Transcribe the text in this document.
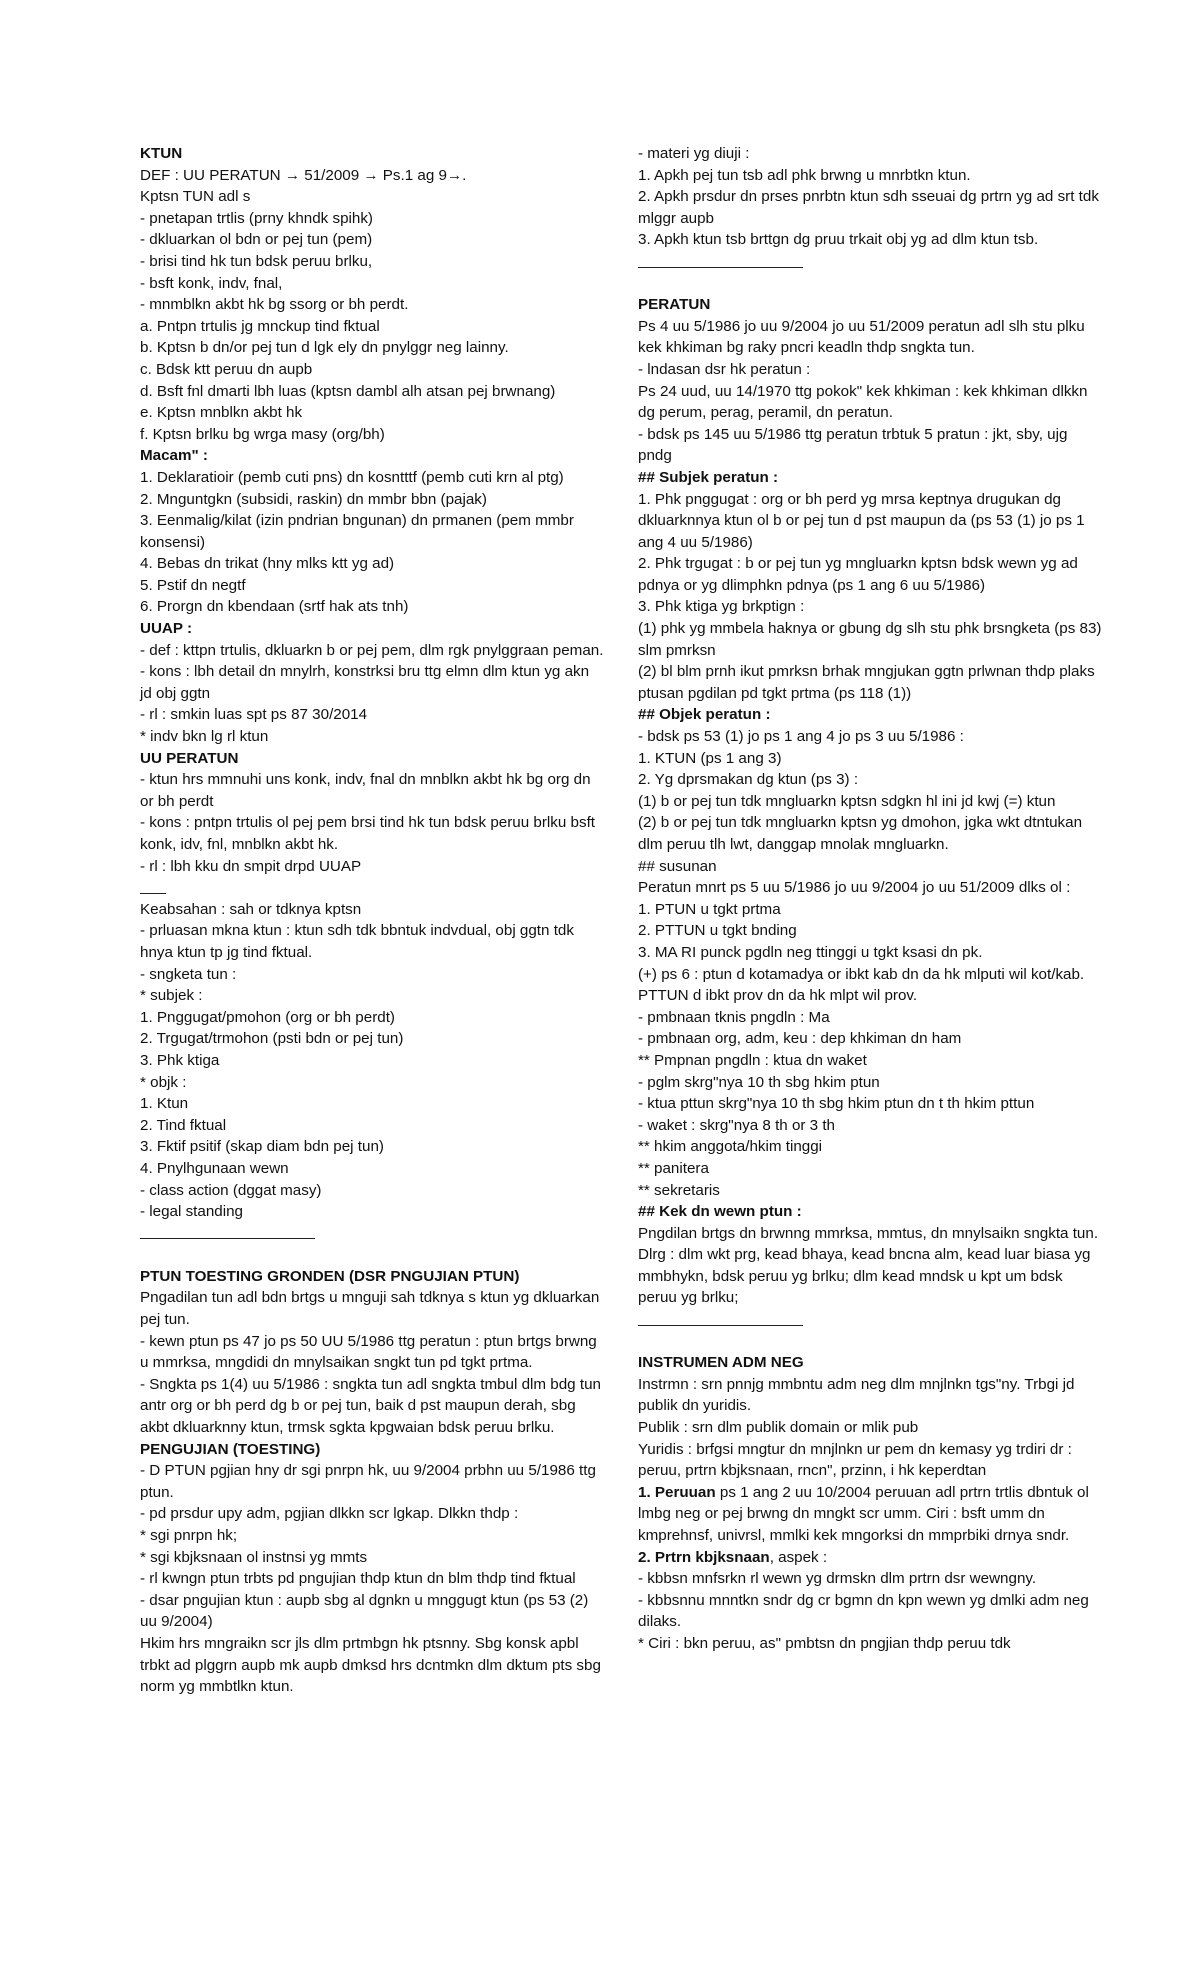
KTUN

DEF : UU PERATUN → 51/2009 → Ps.1 ag 9→.

Kptsn TUN adl s

- pnetapan trtlis (prny khndk spihk)

- dkluarkan ol bdn or pej tun (pem)

- brisi tind hk tun bdsk peruu brlku,

- bsft konk, indv, fnal,

- mnmblkn akbt hk bg ssorg or bh perdt.

a. Pntpn trtulis jg mnckup tind fktual

b. Kptsn b dn/or pej tun d lgk ely dn pnylggr neg lainny.

c. Bdsk ktt peruu dn aupb

d. Bsft fnl dmarti lbh luas (kptsn dambl alh atsan pej brwnang)

e. Kptsn mnblkn akbt hk

f. Kptsn brlku bg wrga masy (org/bh)

Macam" :

1. Deklaratioir (pemb cuti pns) dn kosntttf (pemb cuti krn al ptg)

2. Mnguntgkn (subsidi, raskin) dn mmbr bbn (pajak)

3. Eenmalig/kilat (izin pndrian bngunan) dn prmanen (pem mmbr konsensi)

4. Bebas dn trikat (hny mlks ktt yg ad)

5. Pstif dn negtf

6. Prorgn dn kbendaan (srtf hak ats tnh)

UUAP :

- def : kttpn trtulis, dkluarkn b or pej pem, dlm rgk pnylggraan peman.

- kons : lbh detail dn mnylrh, konstrksi bru ttg elmn dlm ktun yg akn jd obj ggtn

- rl : smkin luas spt ps 87 30/2014

* indv bkn lg rl ktun

UU PERATUN

- ktun hrs mmnuhi uns konk, indv, fnal dn mnblkn akbt hk bg org dn or bh perdt

- kons : pntpn trtulis ol pej pem brsi tind hk tun bdsk peruu brlku bsft konk, idv, fnl, mnblkn akbt hk.

- rl : lbh kku dn smpit drpd UUAP

Keabsahan : sah or tdknya kptsn

- prluasan mkna ktun : ktun sdh tdk bbntuk indvdual, obj ggtn tdk hnya ktun tp jg tind fktual.

- sngketa tun :

* subjek :

1. Pnggugat/pmohon (org or bh perdt)

2. Trgugat/trmohon (psti bdn or pej tun)

3. Phk ktiga

* objk :

1. Ktun

2. Tind fktual

3. Fktif psitif (skap diam bdn pej tun)

4. Pnylhgunaan wewn

- class action (dggat masy)

- legal standing

PTUN TOESTING GRONDEN (DSR PNGUJIAN PTUN)

Pngadilan tun adl bdn brtgs u mnguji sah tdknya s ktun yg dkluarkan pej tun.

- kewn ptun ps 47 jo ps 50 UU 5/1986 ttg peratun : ptun brtgs brwng u mmrksa, mngdidi dn mnylsaikan sngkt tun pd tgkt prtma.

- Sngkta ps 1(4) uu 5/1986 : sngkta tun adl sngkta tmbul dlm bdg tun antr org or bh perd dg b or pej tun, baik d pst maupun derah, sbg akbt dkluarknny ktun, trmsk sgkta kpgwaian bdsk peruu brlku.

PENGUJIAN (TOESTING)

- D PTUN pgjian hny dr sgi pnrpn hk, uu 9/2004 prbhn uu 5/1986 ttg ptun.

- pd prsdur upy adm, pgjian dlkkn scr lgkap. Dlkkn thdp :

* sgi pnrpn hk;

* sgi kbjksnaan ol instnsi yg mmts

- rl kwngn ptun trbts pd pngujian thdp ktun dn blm thdp tind fktual

- dsar pngujian ktun : aupb sbg al dgnkn u mnggugt ktun (ps 53 (2) uu 9/2004)

Hkim hrs mngraikn scr jls dlm prtmbgn hk ptsnny. Sbg konsk apbl trbkt ad plggrn aupb mk aupb dmksd hrs dcntmkn dlm dktum pts sbg norm yg mmbtlkn ktun.

- materi yg diuji :

1. Apkh pej tun tsb adl phk brwng u mnrbtkn ktun.

2. Apkh prsdur dn prses pnrbtn ktun sdh sseuai dg prtrn yg ad srt tdk mlggr aupb

3. Apkh ktun tsb brttgn dg pruu trkait obj yg ad dlm ktun tsb.

PERATUN

Ps 4 uu 5/1986 jo uu 9/2004 jo uu 51/2009 peratun adl slh stu plku kek khkiman bg raky pncri keadln thdp sngkta tun.

- lndasan dsr hk peratun :

Ps 24 uud, uu 14/1970 ttg pokok" kek khkiman : kek khkiman dlkkn dg perum, perag, peramil, dn peratun.

- bdsk ps 145 uu 5/1986 ttg peratun trbtuk 5 pratun : jkt, sby, ujg pndg

## Subjek peratun :

1. Phk pnggugat : org or bh perd yg mrsa keptnya drugukan dg dkluarknnya ktun ol b or pej tun d pst maupun da (ps 53 (1) jo ps 1 ang 4 uu 5/1986)

2. Phk trgugat : b or pej tun yg mngluarkn kptsn bdsk wewn yg ad pdnya or yg dlimphkn pdnya (ps 1 ang 6 uu 5/1986)

3. Phk ktiga yg brkptign :

(1) phk yg mmbela haknya or gbung dg slh stu phk brsngketa (ps 83) slm pmrksn

(2) bl blm prnh ikut pmrksn brhak mngjukan ggtn prlwnan thdp plaks ptusan pgdilan pd tgkt prtma (ps 118 (1))

## Objek peratun :

- bdsk ps 53 (1) jo ps 1 ang 4 jo ps 3 uu 5/1986 :

1. KTUN (ps 1 ang 3)

2. Yg dprsmakan dg ktun (ps 3) :

(1) b or pej tun tdk mngluarkn kptsn sdgkn hl ini jd kwj (=) ktun

(2) b or pej tun tdk mngluarkn kptsn yg dmohon, jgka wkt dtntukan dlm peruu tlh lwt, danggap mnolak mngluarkn.

## susunan

Peratun mnrt ps 5 uu 5/1986 jo uu 9/2004 jo uu 51/2009 dlks ol :

1. PTUN u tgkt prtma

2. PTTUN u tgkt bnding

3. MA RI punck pgdln neg ttinggi u tgkt ksasi dn pk.

(+) ps 6 : ptun d kotamadya or ibkt kab dn da hk mlputi wil kot/kab. PTTUN d ibkt prov dn da hk mlpt wil prov.

- pmbnaan tknis pngdln : Ma

- pmbnaan org, adm, keu : dep khkiman dn ham

** Pmpnan pngdln : ktua dn waket

- pglm skrg"nya 10 th sbg hkim ptun

- ktua pttun skrg"nya 10 th sbg hkim ptun dn t th hkim pttun

- waket : skrg"nya 8 th or 3 th

** hkim anggota/hkim tinggi

** panitera

** sekretaris

## Kek dn wewn ptun :

Pngdilan brtgs dn brwnng mmrksa, mmtus, dn mnylsaikn sngkta tun.

Dlrg : dlm wkt prg, kead bhaya, kead bncna alm, kead luar biasa yg mmbhykn, bdsk peruu yg brlku; dlm kead mndsk u kpt um bdsk peruu yg brlku;

INSTRUMEN ADM NEG

Instrmn : srn pnnjg mmbntu adm neg dlm mnjlnkn tgs"ny. Trbgi jd publik dn yuridis.

Publik : srn dlm publik domain or mlik pub

Yuridis : brfgsi mngtur dn mnjlnkn ur pem dn kemasy yg trdiri dr : peruu, prtrn kbjksnaan, rncn", przinn, i hk keperdtan

1. Peruuan ps 1 ang 2 uu 10/2004 peruuan adl prtrn trtlis dbntuk ol lmbg neg or pej brwng dn mngkt scr umm. Ciri : bsft umm dn kmprehnsf, univrsl, mmlki kek mngorksi dn mmprbiki drnya sndr.

2. Prtrn kbjksnaan, aspek :

- kbbsn mnfsrkn rl wewn yg drmskn dlm prtrn dsr wewngny.

- kbbsnnu mnntkn sndr dg cr bgmn dn kpn wewn yg dmlki adm neg dilaks.

* Ciri : bkn peruu, as" pmbtsn dn pngjian thdp peruu tdk
